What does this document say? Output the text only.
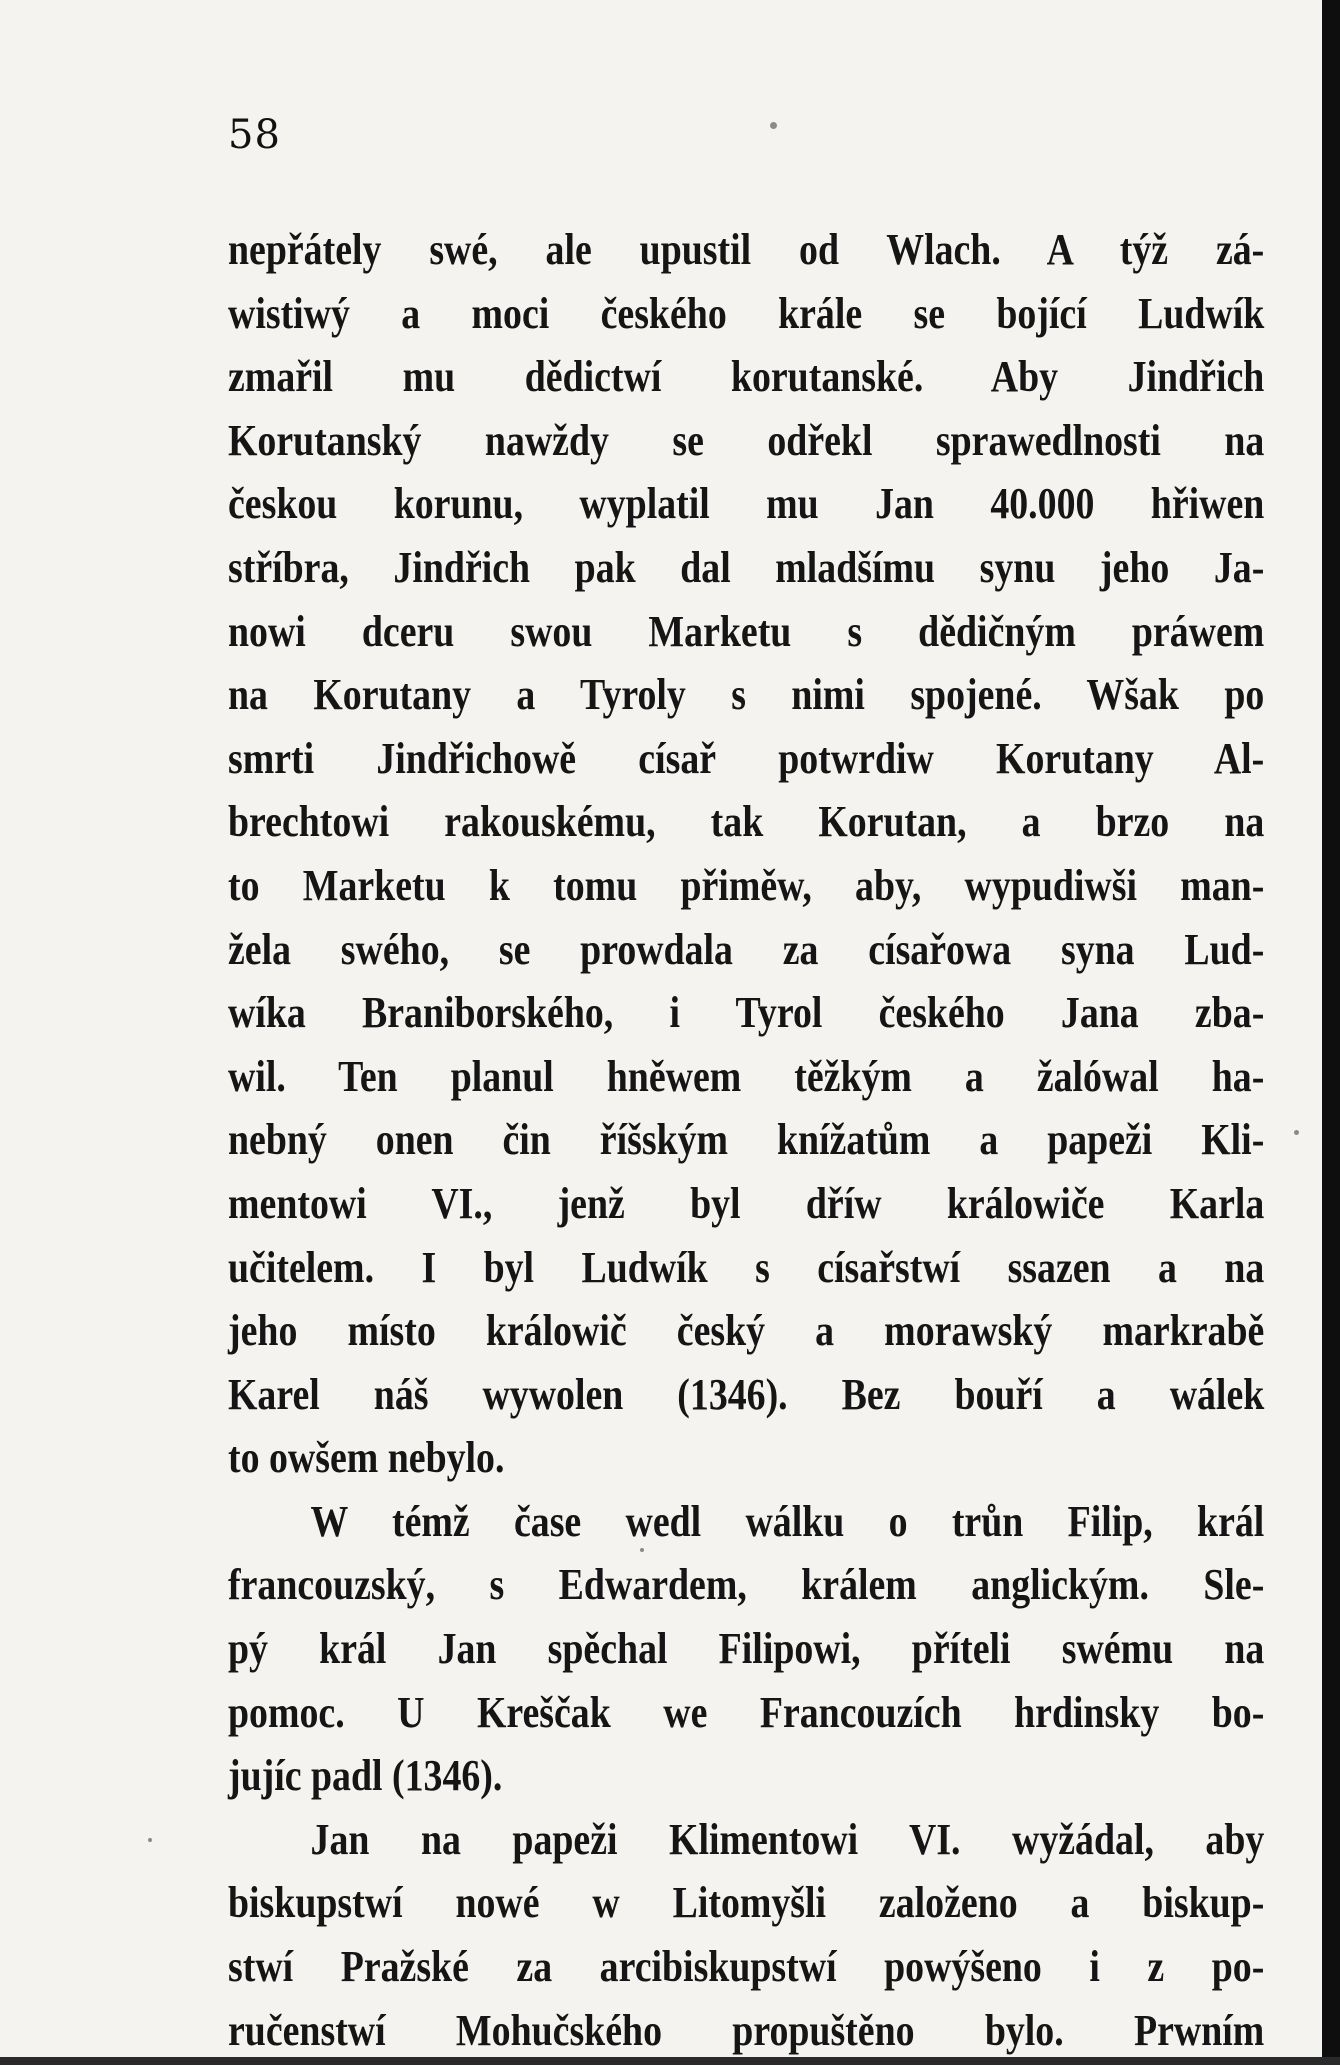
58

nepřátely swé, ale upustil od Wlach. A týž zá-
wistiwý a moci českého krále se bojící Ludwík
zmařil mu dědictwí korutanské. Aby Jindřich
Korutanský nawždy se odřekl sprawedlnosti na
českou korunu, wyplatil mu Jan 40.000 hřiwen
stříbra, Jindřich pak dal mladšímu synu jeho Ja-
nowi dceru swou Marketu s dědičným práwem
na Korutany a Tyroly s nimi spojené. Wšak po
smrti Jindřichowě císař potwrdiw Korutany Al-
brechtowi rakouskému, tak Korutan, a brzo na
to Marketu k tomu přiměw, aby, wypudiwši man-
žela swého, se prowdala za císařowa syna Lud-
wíka Braniborského, i Tyrol českého Jana zba-
wil. Ten planul hněwem těžkým a žalówal ha-
nebný onen čin říšským knížatům a papeži Kli-
mentowi VI., jenž byl dříw králowiče Karla
učitelem. I byl Ludwík s císařstwí ssazen a na
jeho místo králowič český a morawský markrabě
Karel náš wywolen (1346). Bez bouří a wálek
to owšem nebylo.
W témž čase wedl wálku o trůn Filip, král
francouzský, s Edwardem, králem anglickým. Sle-
pý král Jan spěchal Filipowi, příteli swému na
pomoc. U Kreščak we Francouzích hrdinsky bo-
jujíc padl (1346).
Jan na papeži Klimentowi VI. wyžádal, aby
biskupstwí nowé w Litomyšli založeno a biskup-
stwí Pražské za arcibiskupstwí powýšeno i z po-
ručenstwí Mohučského propuštěno bylo. Prwním
